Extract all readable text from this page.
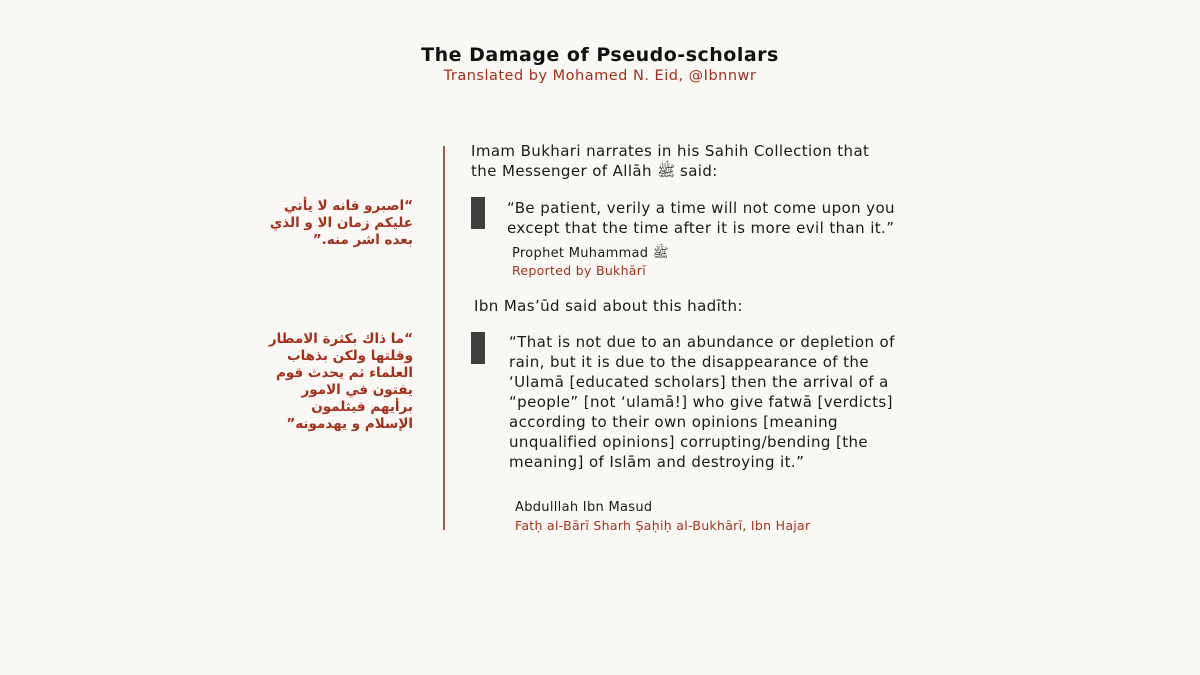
The Damage of Pseudo-scholars
Translated by Mohamed N. Eid, @Ibnnwr
“اصبرو فانه لا يأتي
عليكم زمان الا و الذي
بعده اشر منه.”
“ما ذاك بكثرة الامطار
وقلتها ولكن بذهاب
العلماء ثم يحدث قوم
يفتون في الامور
برأيهم فيثلمون
الإسلام و يهدمونه”
Imam Bukhari narrates in his Sahih Collection that
the Messenger of Allāh ﷺ said:
“Be patient, verily a time will not come upon you
except that the time after it is more evil than it.”
Prophet Muhammad ﷺ
Reported by Bukhārī
Ibn Mas’ūd said about this hadīth:
“That is not due to an abundance or depletion of
rain, but it is due to the disappearance of the
‘Ulamā [educated scholars] then the arrival of a
“people” [not ‘ulamā!] who give fatwā [verdicts]
according to their own opinions [meaning
unqualified opinions] corrupting/bending [the
meaning] of Islām and destroying it.”
Abdulllah Ibn Masud
Fatḥ al-Bārī Sharh Ṣaḥiḥ al-Bukhārī, Ibn Hajar
